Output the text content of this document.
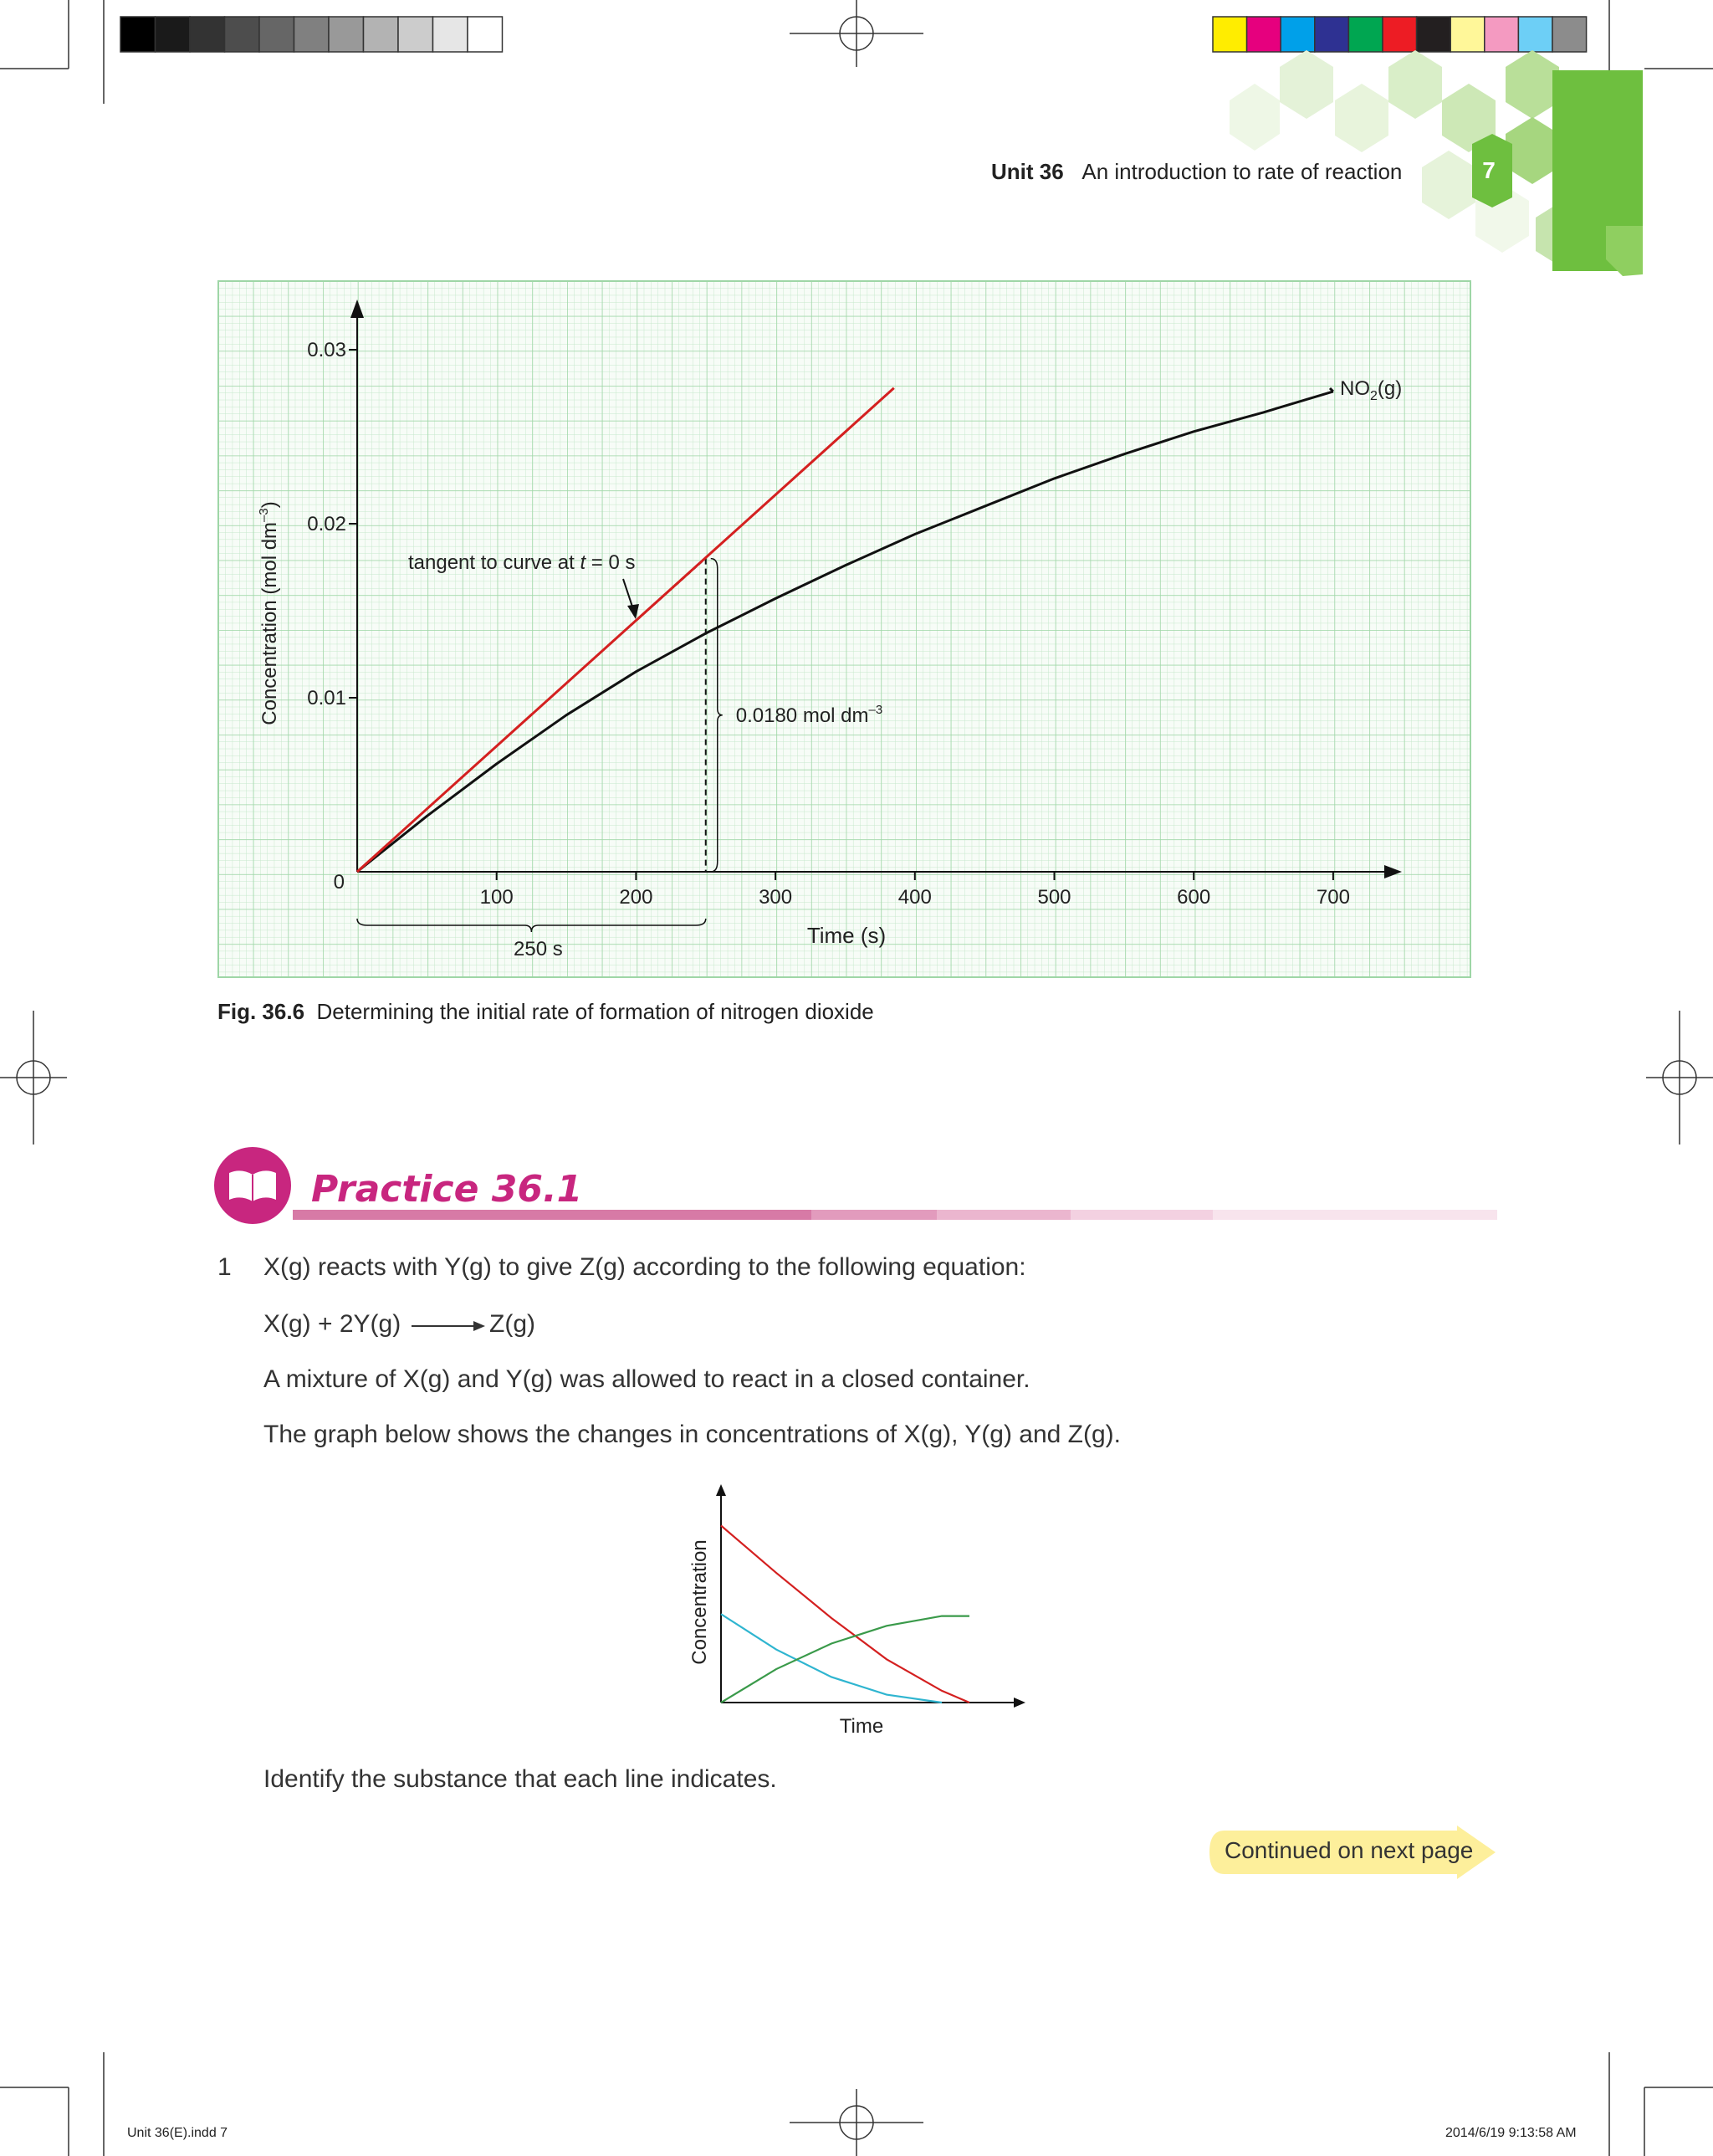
Unit 36 An introduction to rate of reaction	7
0.03
0.02
0.01
0
100	200	300	400	500	600	700
Time (s)
Concentration (mol $dm^{-3}$)
0.0180 mol $dm^{-3}$
250 s
$NO_2(g)$
tangent to curve at t = 0 s
Fig. 36.6 Determining the initial rate of formation of nitrogen dioxide
Practice 36.1
1 X(g) reacts with Y(g) to give Z(g) according to the following equation:
X(g) + 2Y(g)	Z(g)
A mixture of X(g) and Y(g) was allowed to react in a closed container.
The graph below shows the changes in concentrations of X(g), Y(g) and Z(g).
Concentration
Time
Identify the substance that each line indicates.
Continued on next page
Unit 36(E).indd 7	2014/6/19 9:13:58 AM
